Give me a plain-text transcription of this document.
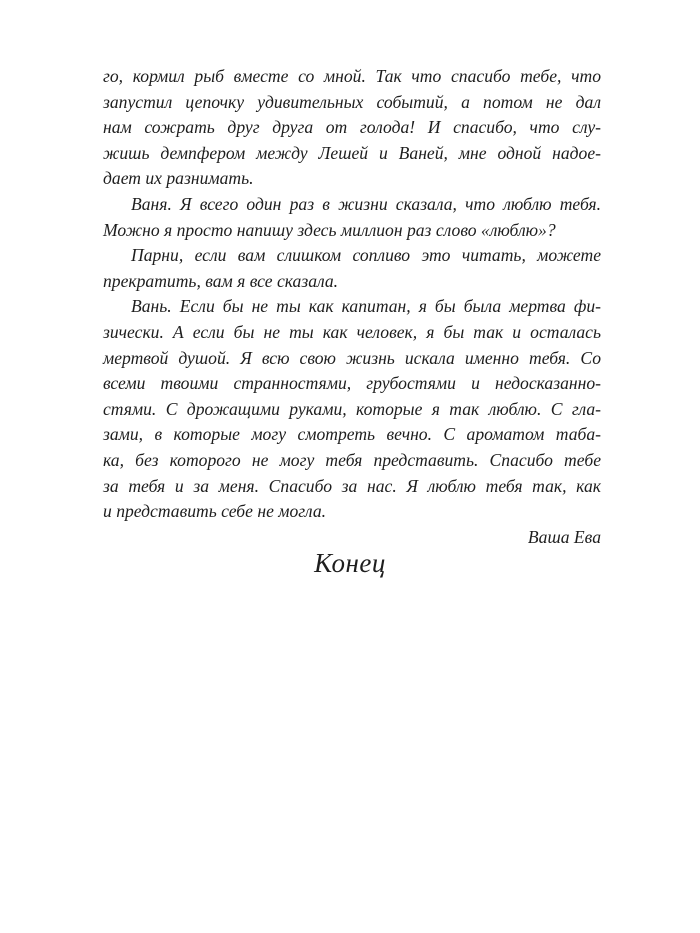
го, кормил рыб вместе со мной. Так что спасибо тебе, что
запустил цепочку удивительных событий, а потом не дал
нам сожрать друг друга от голода! И спасибо, что слу-
жишь демпфером между Лешей и Ваней, мне одной надое-
дает их разнимать.
Ваня. Я всего один раз в жизни сказала, что люблю тебя.
Можно я просто напишу здесь миллион раз слово «люблю»?
Парни, если вам слишком сопливо это читать, можете
прекратить, вам я все сказала.
Вань. Если бы не ты как капитан, я бы была мертва фи-
зически. А если бы не ты как человек, я бы так и осталась
мертвой душой. Я всю свою жизнь искала именно тебя. Со
всеми твоими странностями, грубостями и недосказанно-
стями. С дрожащими руками, которые я так люблю. С гла-
зами, в которые могу смотреть вечно. С ароматом таба-
ка, без которого не могу тебя представить. Спасибо тебе
за тебя и за меня. Спасибо за нас. Я люблю тебя так, как
и представить себе не могла.
Ваша Ева
Конец
